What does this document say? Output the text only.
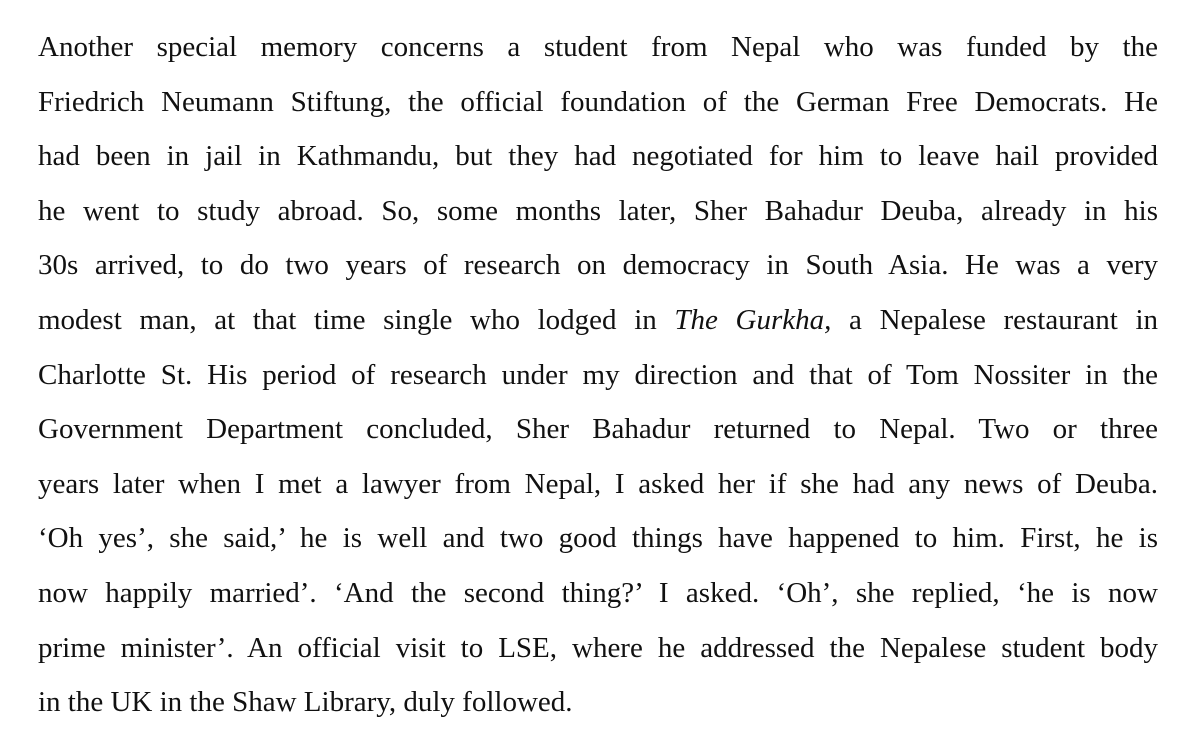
Another special memory concerns a student from Nepal who was funded by the
Friedrich Neumann Stiftung, the official foundation of the German Free Democrats. He
had been in jail in Kathmandu, but they had negotiated for him to leave hail provided
he went to study abroad. So, some months later, Sher Bahadur Deuba, already in his
30s arrived, to do two years of research on democracy in South Asia. He was a very
modest man, at that time single who lodged in The Gurkha, a Nepalese restaurant in
Charlotte St. His period of research under my direction and that of Tom Nossiter in the
Government Department concluded, Sher Bahadur returned to Nepal. Two or three
years later when I met a lawyer from Nepal, I asked her if she had any news of Deuba.
‘Oh yes’, she said,’ he is well and two good things have happened to him. First, he is
now happily married’. ‘And the second thing?’ I asked. ‘Oh’, she replied, ‘he is now
prime minister’. An official visit to LSE, where he addressed the Nepalese student body
in the UK in the Shaw Library, duly followed.
